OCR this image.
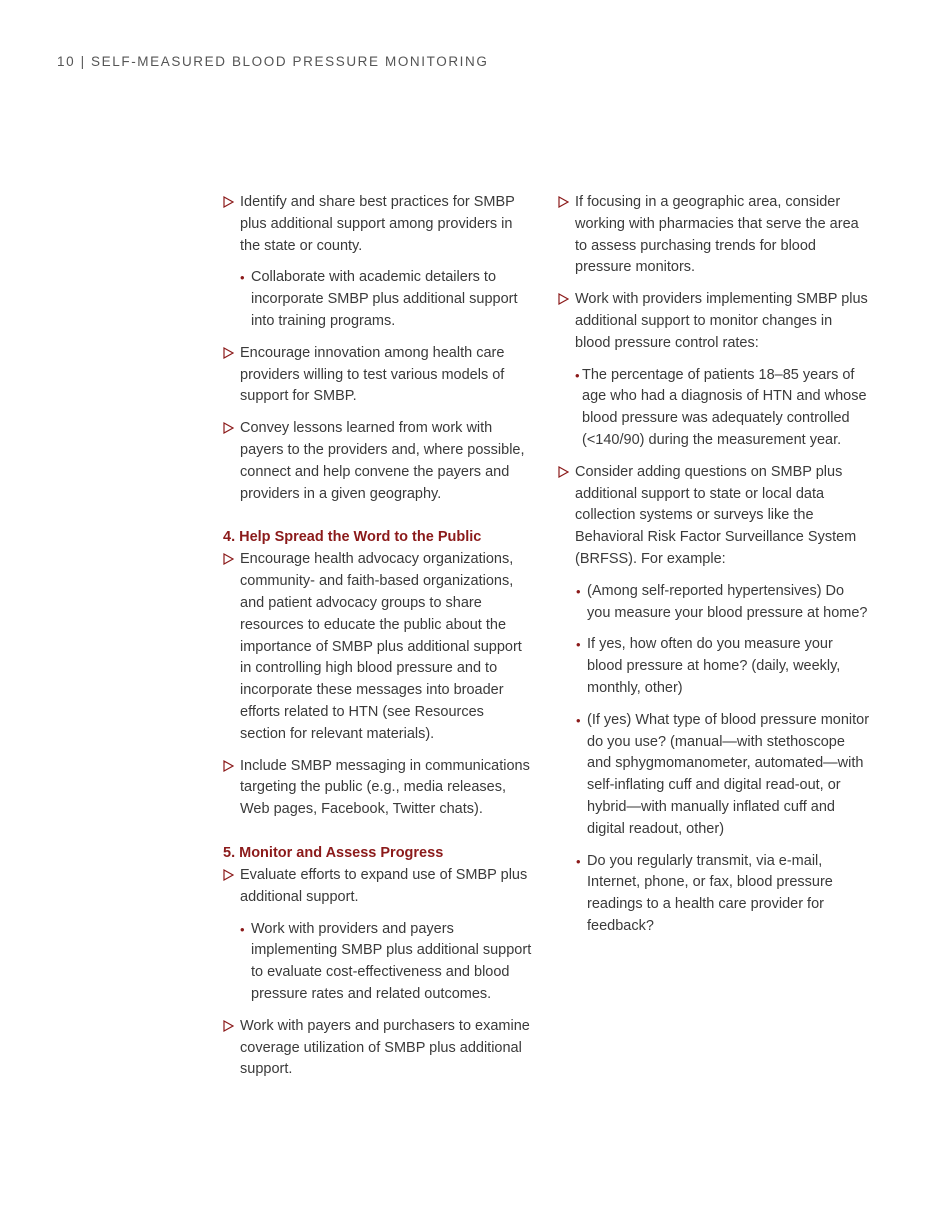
10 | SELF-MEASURED BLOOD PRESSURE MONITORING
Identify and share best practices for SMBP plus additional support among providers in the state or county.
• Collaborate with academic detailers to incorporate SMBP plus additional support into training programs.
Encourage innovation among health care providers willing to test various models of support for SMBP.
Convey lessons learned from work with payers to the providers and, where possible, connect and help convene the payers and providers in a given geography.
4. Help Spread the Word to the Public
Encourage health advocacy organizations, community- and faith-based organizations, and patient advocacy groups to share resources to educate the public about the importance of SMBP plus additional support in controlling high blood pressure and to incorporate these messages into broader efforts related to HTN (see Resources section for relevant materials).
Include SMBP messaging in communications targeting the public (e.g., media releases, Web pages, Facebook, Twitter chats).
5. Monitor and Assess Progress
Evaluate efforts to expand use of SMBP plus additional support.
• Work with providers and payers implementing SMBP plus additional support to evaluate cost-effectiveness and blood pressure rates and related outcomes.
Work with payers and purchasers to examine coverage utilization of SMBP plus additional support.
If focusing in a geographic area, consider working with pharmacies that serve the area to assess purchasing trends for blood pressure monitors.
Work with providers implementing SMBP plus additional support to monitor changes in blood pressure control rates:
• The percentage of patients 18–85 years of age who had a diagnosis of HTN and whose blood pressure was adequately controlled (<140/90) during the measurement year.
Consider adding questions on SMBP plus additional support to state or local data collection systems or surveys like the Behavioral Risk Factor Surveillance System (BRFSS). For example:
• (Among self-reported hypertensives) Do you measure your blood pressure at home?
• If yes, how often do you measure your blood pressure at home? (daily, weekly, monthly, other)
• (If yes) What type of blood pressure monitor do you use? (manual—with stethoscope and sphygmomanometer, automated—with self-inflating cuff and digital read-out, or hybrid—with manually inflated cuff and digital readout, other)
• Do you regularly transmit, via e-mail, Internet, phone, or fax, blood pressure readings to a health care provider for feedback?
